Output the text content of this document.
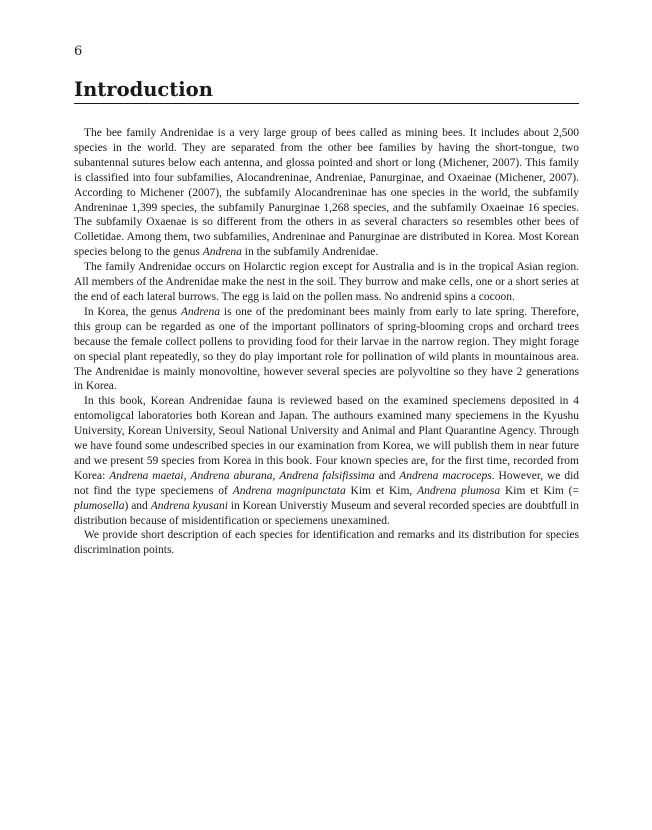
6
Introduction

The bee family Andrenidae is a very large group of bees called as mining bees. It includes about 2,500 species in the world. They are separated from the other bee families by having the short-tongue, two subantennal sutures below each antenna, and glossa pointed and short or long (Michener, 2007). This family is classified into four subfamilies, Alocandreninae, Andreniae, Panurginae, and Oxaeinae (Michener, 2007). According to Michener (2007), the subfamily Alocandreninae has one species in the world, the subfamily Andreninae 1,399 species, the subfamily Panurginae 1,268 species, and the subfamily Oxaeinae 16 species. The subfamily Oxaenae is so different from the others in as several characters so resembles other bees of Colletidae. Among them, two subfamilies, Andreninae and Panurginae are distributed in Korea. Most Korean species belong to the genus Andrena in the subfamily Andrenidae.

The family Andrenidae occurs on Holarctic region except for Australia and is in the tropical Asian region. All members of the Andrenidae make the nest in the soil. They burrow and make cells, one or a short series at the end of each lateral burrows. The egg is laid on the pollen mass. No andrenid spins a cocoon.

In Korea, the genus Andrena is one of the predominant bees mainly from early to late spring. Therefore, this group can be regarded as one of the important pollinators of spring-blooming crops and orchard trees because the female collect pollens to providing food for their larvae in the narrow region. They might forage on special plant repeatedly, so they do play important role for pollination of wild plants in mountainous area. The Andrenidae is mainly monovoltine, however several species are polyvoltine so they have 2 generations in Korea.

In this book, Korean Andrenidae fauna is reviewed based on the examined speciemens deposited in 4 entomoligcal laboratories both Korean and Japan. The authours examined many speciemens in the Kyushu University, Korean University, Seoul National University and Animal and Plant Quarantine Agency. Through we have found some undescribed species in our examination from Korea, we will publish them in near future and we present 59 species from Korea in this book. Four known species are, for the first time, recorded from Korea: Andrena maetai, Andrena aburana, Andrena falsifissima and Andrena macroceps. However, we did not find the type speciemens of Andrena magnipunctata Kim et Kim, Andrena plumosa Kim et Kim (= plumosella) and Andrena kyusani in Korean Universtiy Museum and several recorded species are doubtfull in distribution because of misidentification or speciemens unexamined.

We provide short description of each species for identification and remarks and its distribution for species discrimination points.
